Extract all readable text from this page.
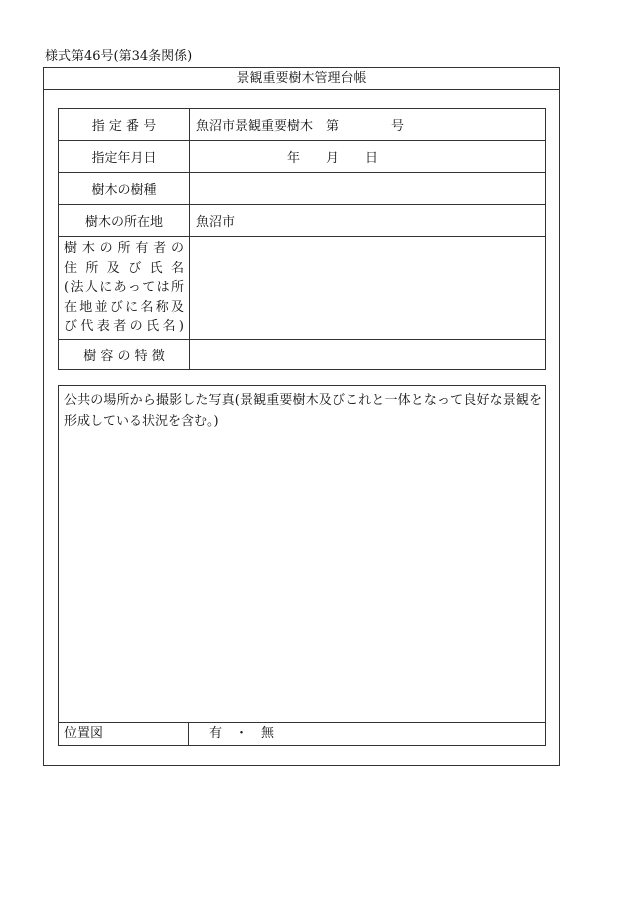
様式第46号(第34条関係)
景観重要樹木管理台帳
指 定 番 号	魚沼市景観重要樹木　第　　　　号
指定年月日	　　　　　　　年　　月　　日
樹木の樹種	
樹木の所在地	魚沼市

樹木の所有者の
住所及び氏名
(法人にあっては所
在地並びに名称及
び代表者の氏名)	

樹 容 の 特 徴	
公共の場所から撮影した写真(景観重要樹木及びこれと一体となって良好な景観を形成している状況を含む。)
位置図	有　・　無
